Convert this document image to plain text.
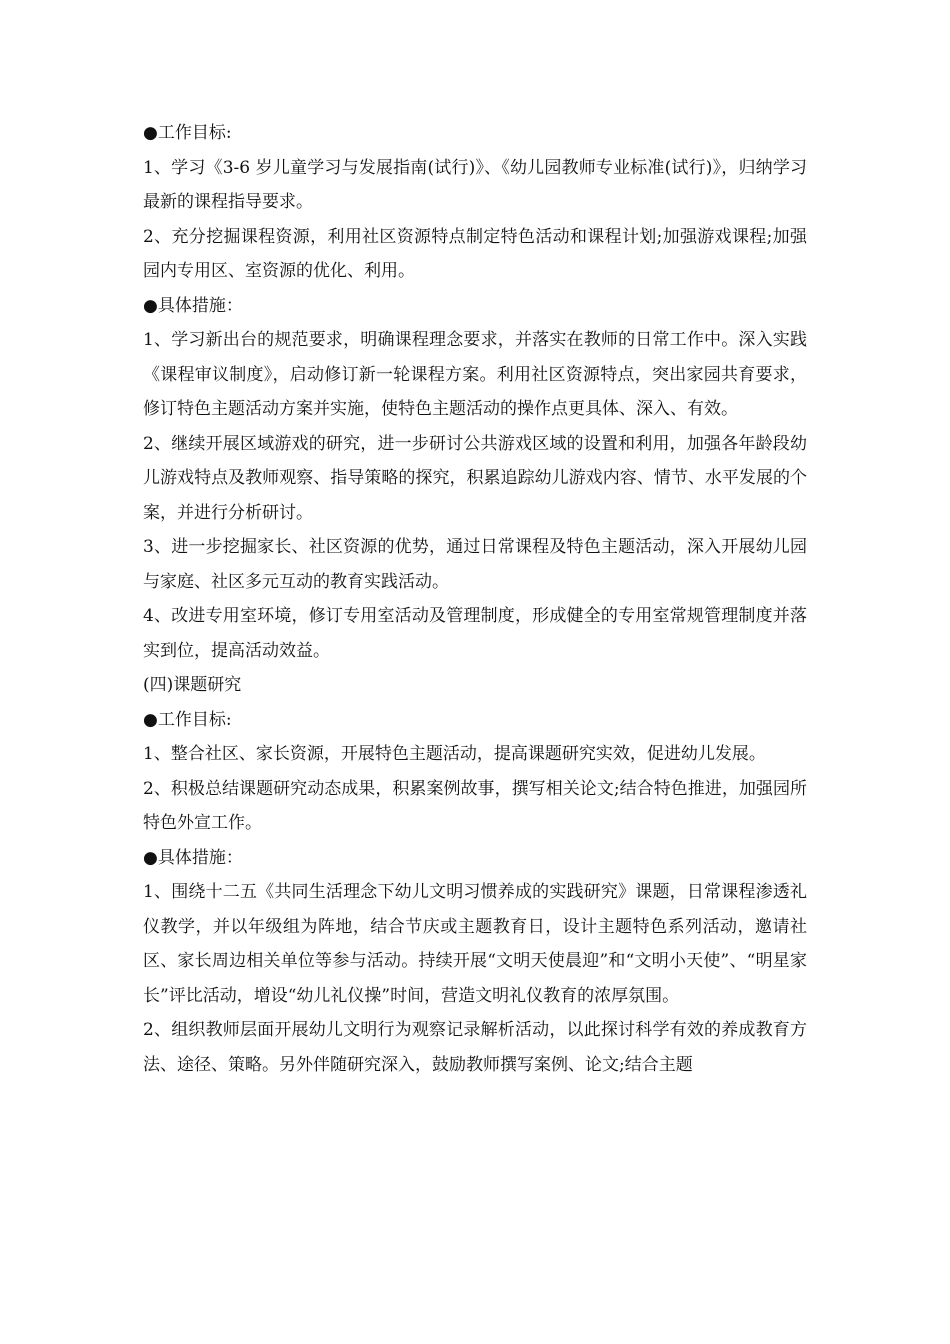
●工作目标:

1、学习《3-6 岁儿童学习与发展指南(试行)》、《幼儿园教师专业标准(试行)》，归纳学习最新的课程指导要求。

2、充分挖掘课程资源，利用社区资源特点制定特色活动和课程计划;加强游戏课程;加强园内专用区、室资源的优化、利用。

●具体措施：

1、学习新出台的规范要求，明确课程理念要求，并落实在教师的日常工作中。深入实践《课程审议制度》，启动修订新一轮课程方案。利用社区资源特点，突出家园共育要求，修订特色主题活动方案并实施，使特色主题活动的操作点更具体、深入、有效。

2、继续开展区域游戏的研究，进一步研讨公共游戏区域的设置和利用，加强各年龄段幼儿游戏特点及教师观察、指导策略的探究，积累追踪幼儿游戏内容、情节、水平发展的个案，并进行分析研讨。

3、进一步挖掘家长、社区资源的优势，通过日常课程及特色主题活动，深入开展幼儿园与家庭、社区多元互动的教育实践活动。

4、改进专用室环境，修订专用室活动及管理制度，形成健全的专用室常规管理制度并落实到位，提高活动效益。

(四)课题研究

●工作目标:

1、整合社区、家长资源，开展特色主题活动，提高课题研究实效，促进幼儿发展。

2、积极总结课题研究动态成果，积累案例故事，撰写相关论文;结合特色推进，加强园所特色外宣工作。

●具体措施：

1、围绕十二五《共同生活理念下幼儿文明习惯养成的实践研究》课题，日常课程渗透礼仪教学，并以年级组为阵地，结合节庆或主题教育日，设计主题特色系列活动，邀请社区、家长周边相关单位等参与活动。持续开展“文明天使晨迎”和“文明小天使”、“明星家长”评比活动，增设“幼儿礼仪操”时间，营造文明礼仪教育的浓厚氛围。

2、组织教师层面开展幼儿文明行为观察记录解析活动，以此探讨科学有效的养成教育方法、途径、策略。另外伴随研究深入，鼓励教师撰写案例、论文;结合主题
